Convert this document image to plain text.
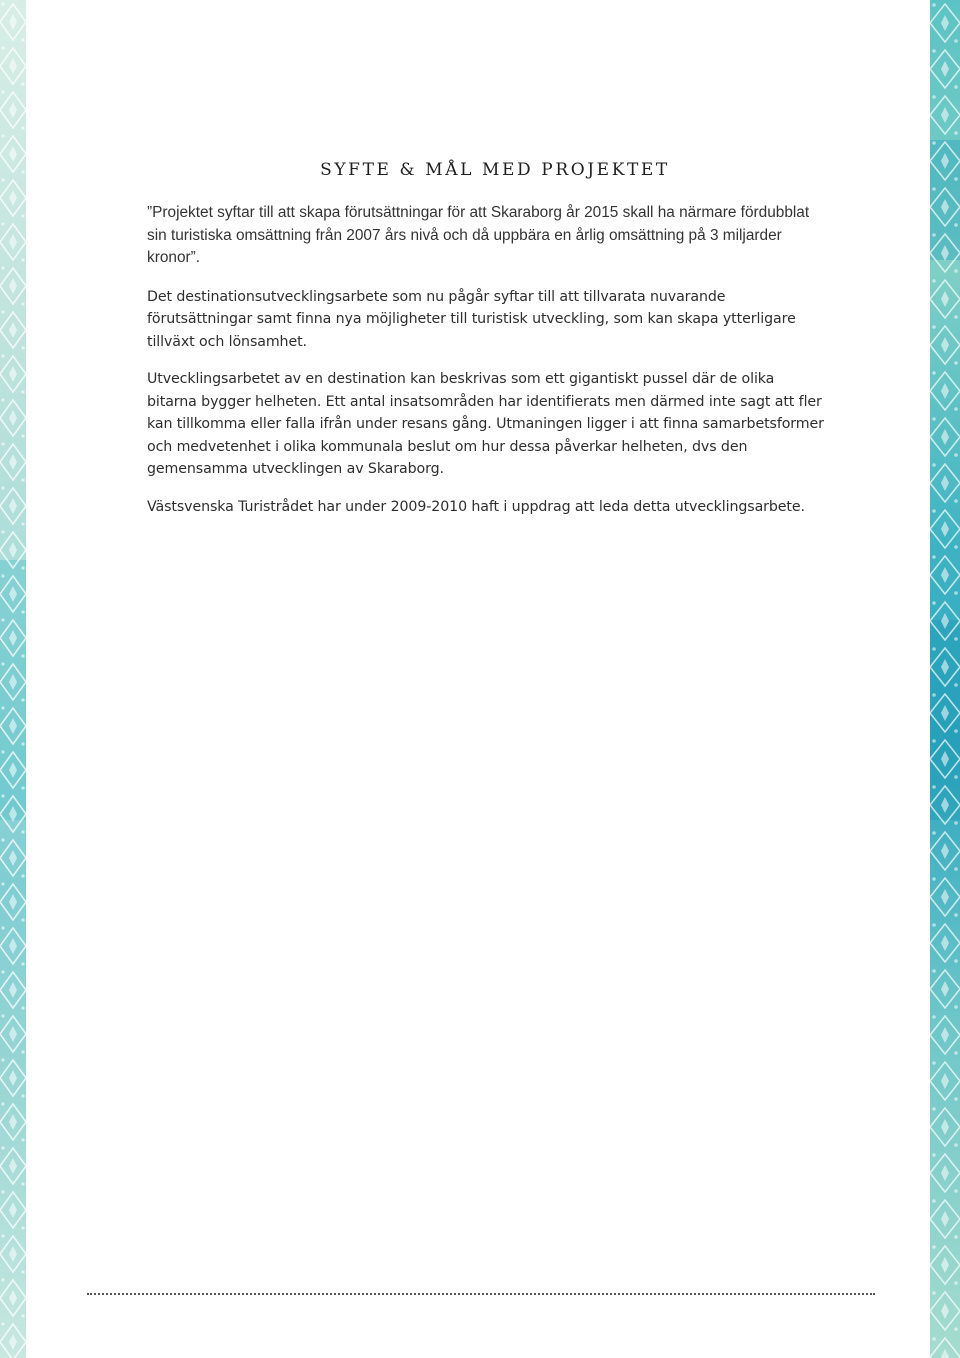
SYFTE & MÅL MED PROJEKTET

”Projektet syftar till att skapa förutsättningar för att Skaraborg år 2015 skall ha närmare fördubblat sin turistiska omsättning från 2007 års nivå och då uppbära en årlig omsättning på 3 miljarder kronor”.

Det destinationsutvecklingsarbete som nu pågår syftar till att tillvarata nuvarande förutsättningar samt finna nya möjligheter till turistisk utveckling, som kan skapa ytterligare tillväxt och lönsamhet.

Utvecklingsarbetet av en destination kan beskrivas som ett gigantiskt pussel där de olika bitarna bygger helheten. Ett antal insatsområden har identifierats men därmed inte sagt att fler kan tillkomma eller falla ifrån under resans gång. Utmaningen ligger i att finna samarbetsformer och medvetenhet i olika kommunala beslut om hur dessa påverkar helheten, dvs den gemensamma utvecklingen av Skaraborg.

Västsvenska Turistrådet har under 2009-2010 haft i uppdrag att leda detta utvecklingsarbete.
